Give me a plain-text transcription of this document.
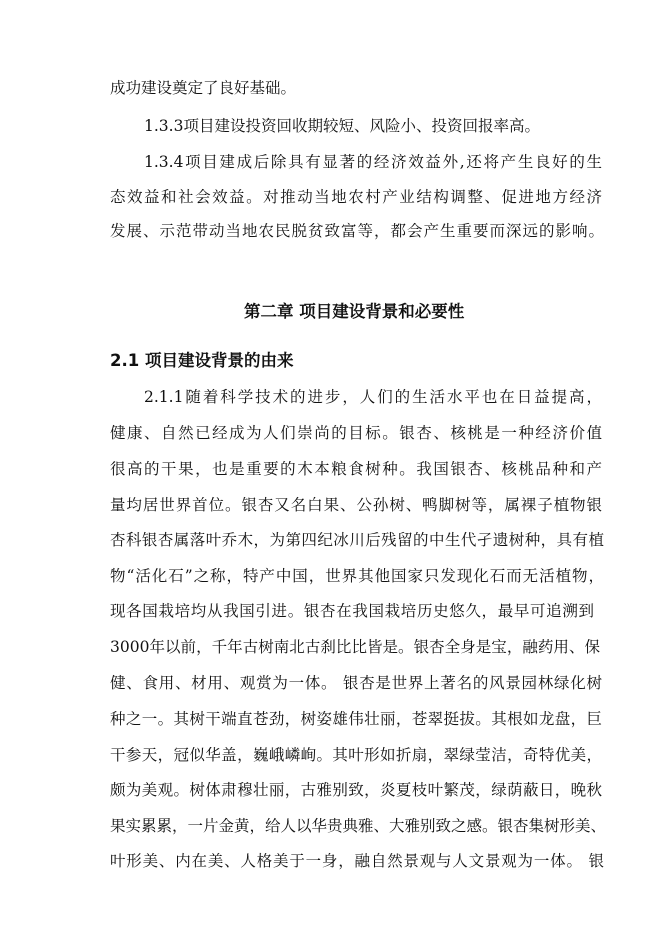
成功建设奠定了良好基础。
1.3.3项目建设投资回收期较短、风险小、投资回报率高。
1.3.4项目建成后除具有显著的经济效益外,还将产生良好的生
态效益和社会效益。对推动当地农村产业结构调整、促进地方经济
发展、示范带动当地农民脱贫致富等，都会产生重要而深远的影响。
第二章 项目建设背景和必要性
2.1 项目建设背景的由来
2.1.1随着科学技术的进步，人们的生活水平也在日益提高，
健康、自然已经成为人们崇尚的目标。银杏、核桃是一种经济价值
很高的干果，也是重要的木本粮食树种。我国银杏、核桃品种和产
量均居世界首位。银杏又名白果、公孙树、鸭脚树等，属裸子植物银
杏科银杏属落叶乔木，为第四纪冰川后残留的中生代孑遗树种，具有植
物“活化石”之称，特产中国，世界其他国家只发现化石而无活植物，
现各国栽培均从我国引进。银杏在我国栽培历史悠久，最早可追溯到
3000年以前，千年古树南北古刹比比皆是。银杏全身是宝，融药用、保
健、食用、材用、观赏为一体。 银杏是世界上著名的风景园林绿化树
种之一。其树干端直苍劲，树姿雄伟壮丽，苍翠挺拔。其根如龙盘，巨
干参天，冠似华盖，巍峨嶙峋。其叶形如折扇，翠绿莹洁，奇特优美，
颇为美观。树体肃穆壮丽，古雅别致，炎夏枝叶繁茂，绿荫蔽日，晚秋
果实累累，一片金黄，给人以华贵典雅、大雅别致之感。银杏集树形美、
叶形美、内在美、人格美于一身，融自然景观与人文景观为一体。 银
